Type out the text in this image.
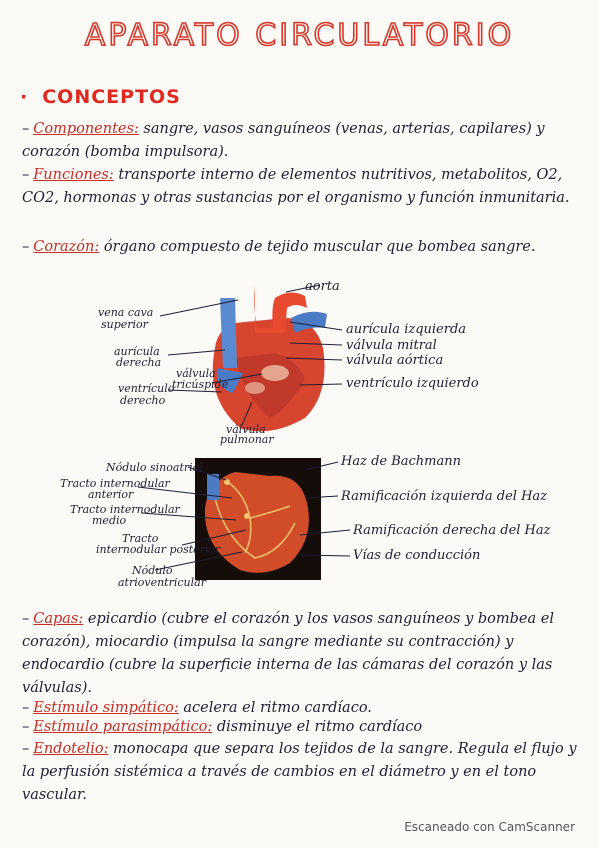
APARATO CIRCULATORIO
· CONCEPTOS
– Componentes: sangre, vasos sanguíneos (venas, arterias, capilares) y corazón (bomba impulsora).
– Funciones: transporte interno de elementos nutritivos, metabolitos, O2, CO2, hormonas y otras sustancias por el organismo y función inmunitaria.
– Corazón: órgano compuesto de tejido muscular que bombea sangre.
aorta
vena cava
superior	aurícula izquierda
válvula mitral
válvula aórtica
aurícula
derecha
válvula
tricúspide
ventrículo
derecho
ventrículo izquierdo
válvula
pulmonar
Nódulo sinoatrial
Tracto internodular
anterior
Tracto internodular
medio
Tracto
internodular posterior
Nódulo
atrioventricular
Haz de Bachmann
Ramificación izquierda del Haz
Ramificación derecha del Haz
Vías de conducción
– Capas: epicardio (cubre el corazón y los vasos sanguíneos y bombea el corazón), miocardio (impulsa la sangre mediante su contracción) y endocardio (cubre la superficie interna de las cámaras del corazón y las válvulas).
– Estímulo simpático: acelera el ritmo cardíaco.
– Estímulo parasimpático: disminuye el ritmo cardíaco
– Endotelio: monocapa que separa los tejidos de la sangre. Regula el flujo y la perfusión sistémica a través de cambios en el diámetro y en el tono vascular.
Escaneado con CamScanner
